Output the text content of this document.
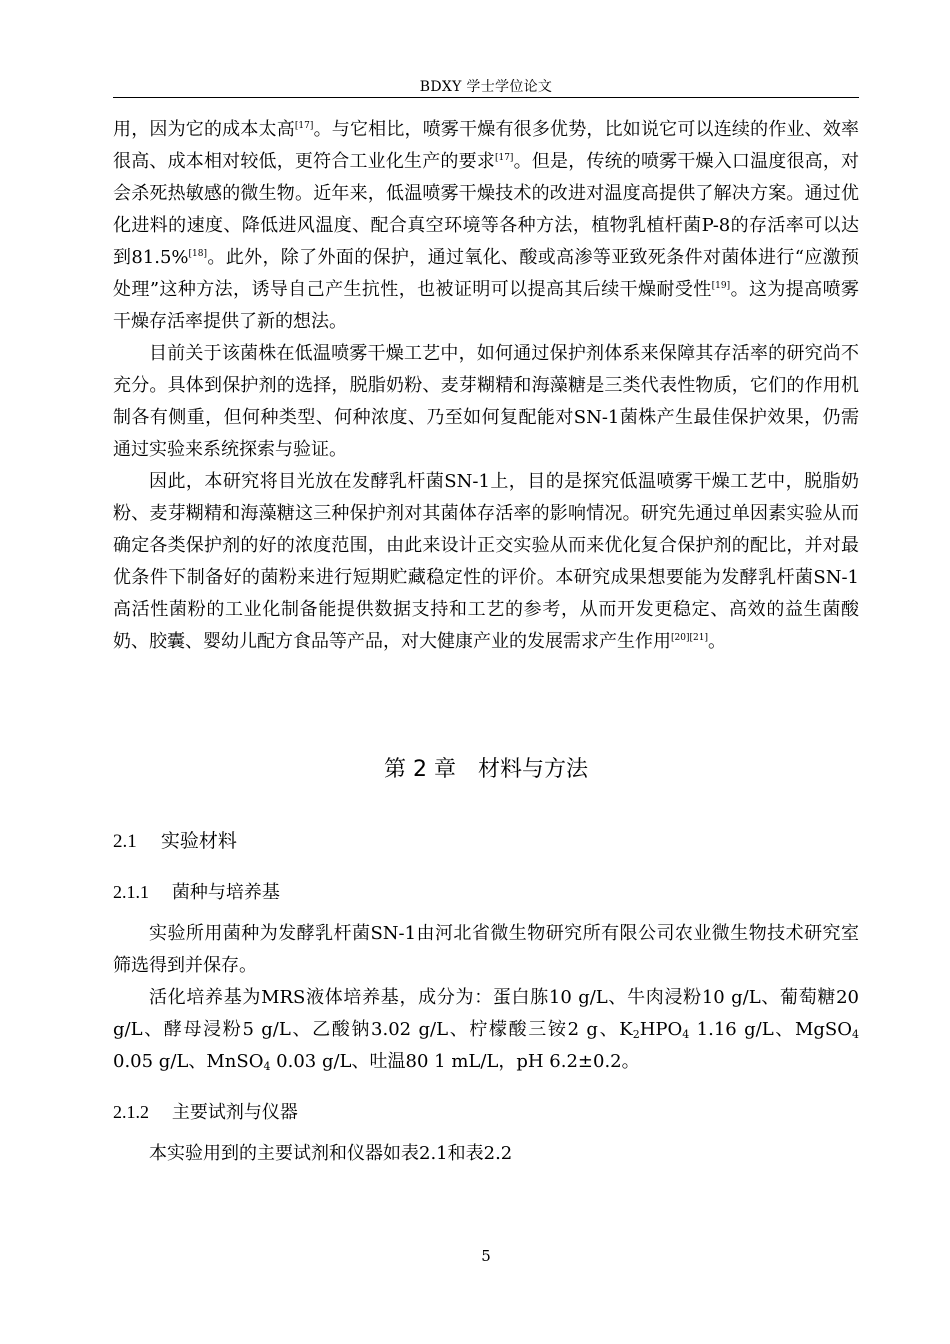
BDXY 学士学位论文

用，因为它的成本太高[17]。与它相比，喷雾干燥有很多优势，比如说它可以连续的作业、效率很高、成本相对较低，更符合工业化生产的要求[17]。但是，传统的喷雾干燥入口温度很高，对会杀死热敏感的微生物。近年来，低温喷雾干燥技术的改进对温度高提供了解决方案。通过优化进料的速度、降低进风温度、配合真空环境等各种方法，植物乳植杆菌P-8的存活率可以达到81.5%[18]。此外，除了外面的保护，通过氧化、酸或高渗等亚致死条件对菌体进行“应激预处理”这种方法，诱导自己产生抗性，也被证明可以提高其后续干燥耐受性[19]。这为提高喷雾干燥存活率提供了新的想法。

目前关于该菌株在低温喷雾干燥工艺中，如何通过保护剂体系来保障其存活率的研究尚不充分。具体到保护剂的选择，脱脂奶粉、麦芽糊精和海藻糖是三类代表性物质，它们的作用机制各有侧重，但何种类型、何种浓度、乃至如何复配能对SN-1菌株产生最佳保护效果，仍需通过实验来系统探索与验证。

因此，本研究将目光放在发酵乳杆菌SN-1上，目的是探究低温喷雾干燥工艺中，脱脂奶粉、麦芽糊精和海藻糖这三种保护剂对其菌体存活率的影响情况。研究先通过单因素实验从而确定各类保护剂的好的浓度范围，由此来设计正交实验从而来优化复合保护剂的配比，并对最优条件下制备好的菌粉来进行短期贮藏稳定性的评价。本研究成果想要能为发酵乳杆菌SN-1高活性菌粉的工业化制备能提供数据支持和工艺的参考，从而开发更稳定、高效的益生菌酸奶、胶囊、婴幼儿配方食品等产品，对大健康产业的发展需求产生作用[20][21]。

第 2 章 材料与方法
2.1 实验材料
2.1.1 菌种与培养基

实验所用菌种为发酵乳杆菌SN-1由河北省微生物研究所有限公司农业微生物技术研究室筛选得到并保存。

活化培养基为MRS液体培养基，成分为：蛋白胨10 g/L、牛肉浸粉10 g/L、葡萄糖20 g/L、酵母浸粉5 g/L、乙酸钠3.02 g/L、柠檬酸三铵2 g、$K_2HPO_4$ 1.16 g/L、MgSO$_4$ 0.05 g/L、MnSO$_4$ 0.03 g/L、吐温80 1 mL/L，pH 6.2±0.2。

2.1.2 主要试剂与仪器

本实验用到的主要试剂和仪器如表2.1和表2.2

5
